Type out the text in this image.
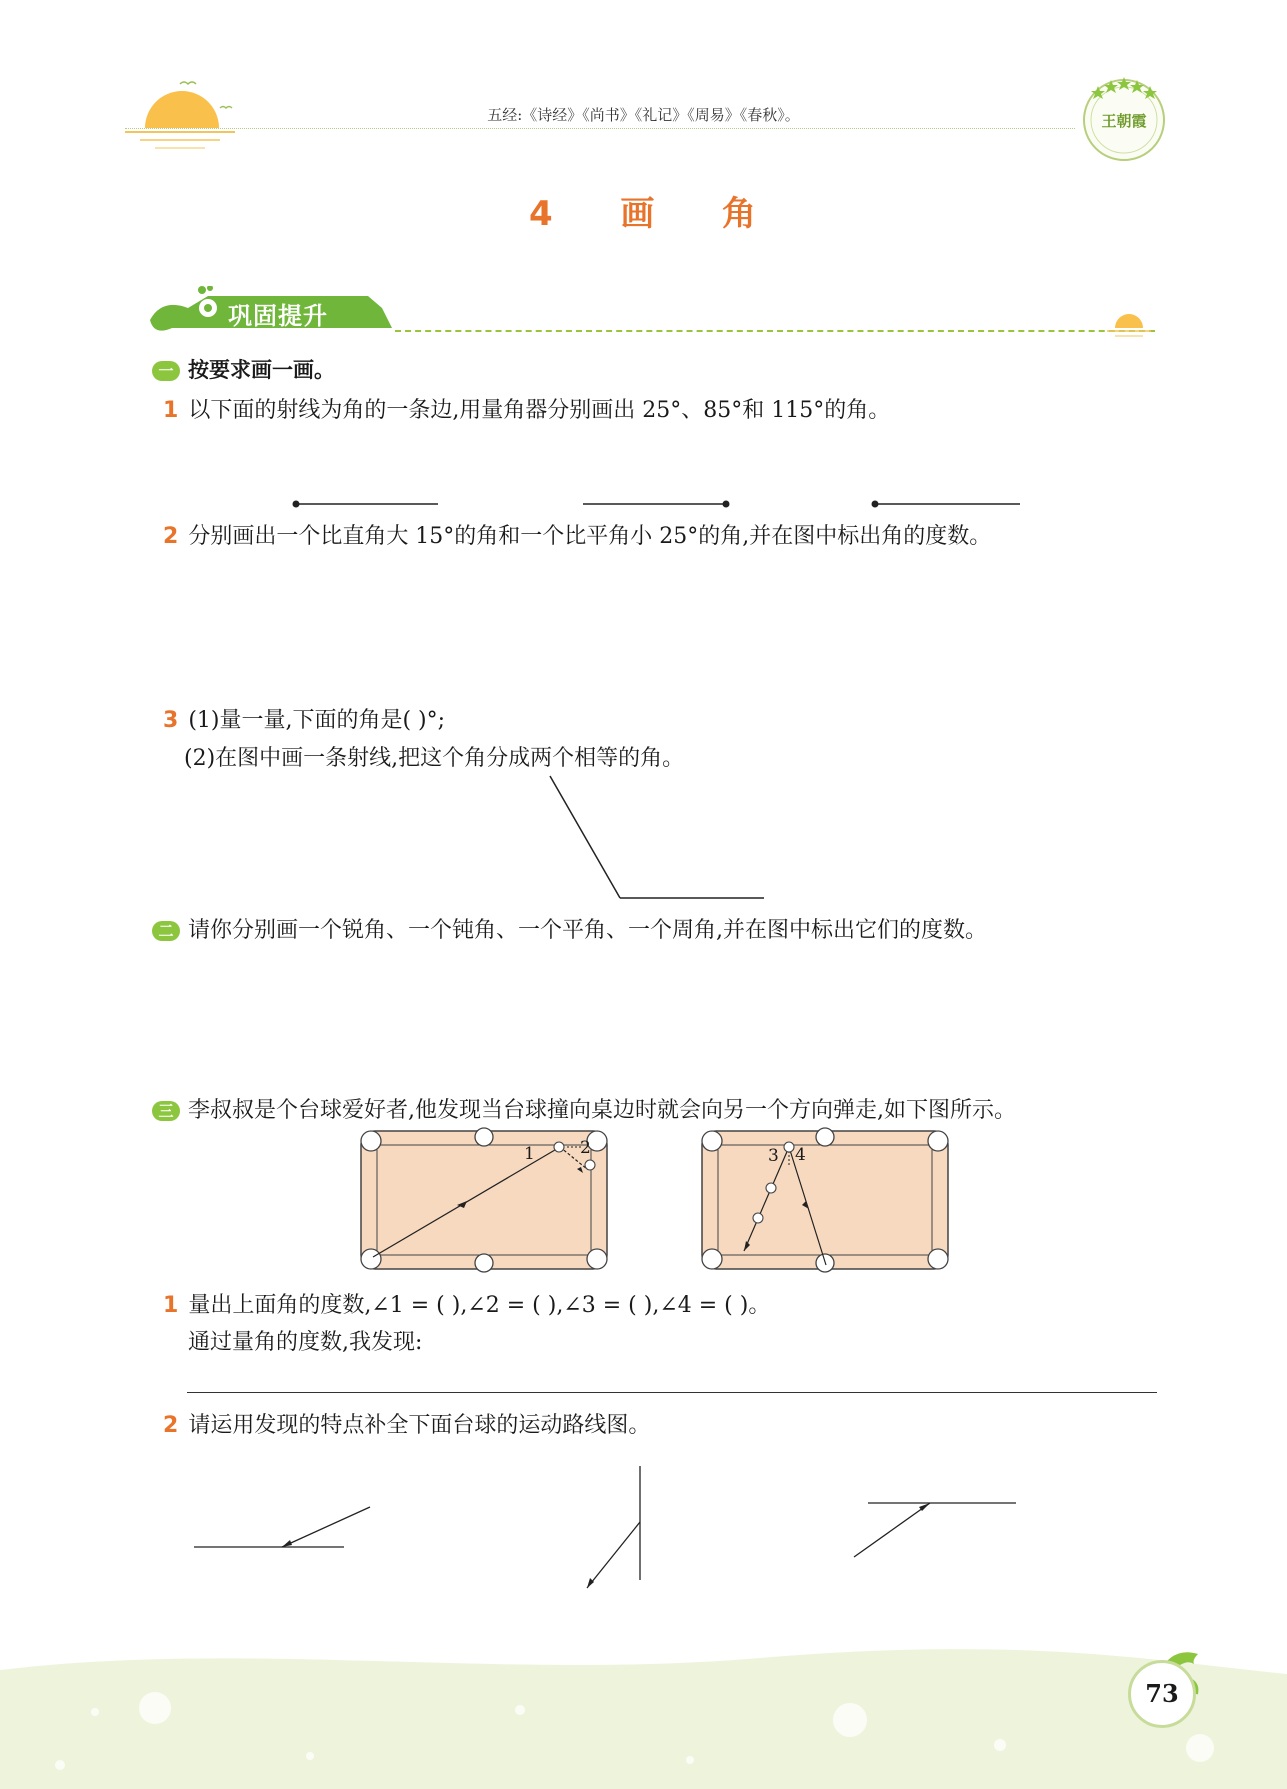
五经:《诗经》《尚书》《礼记》《周易》《春秋》。	王朝霞
4 画 角
巩固提升
一 按要求画一画。
1 以下面的射线为角的一条边,用量角器分别画出 25°、85°和 115°的角。
2 分别画出一个比直角大 15°的角和一个比平角小 25°的角,并在图中标出角的度数。
3 (1)量一量,下面的角是( )°;
(2)在图中画一条射线,把这个角分成两个相等的角。
二 请你分别画一个锐角、一个钝角、一个平角、一个周角,并在图中标出它们的度数。
三 李叔叔是个台球爱好者,他发现当台球撞向桌边时就会向另一个方向弹走,如下图所示。
1	2	3 4
1 量出上面角的度数,∠1 = ( ),∠2 = ( ),∠3 = ( ),∠4 = ( )。
通过量角的度数,我发现:
2 请运用发现的特点补全下面台球的运动路线图。
73
